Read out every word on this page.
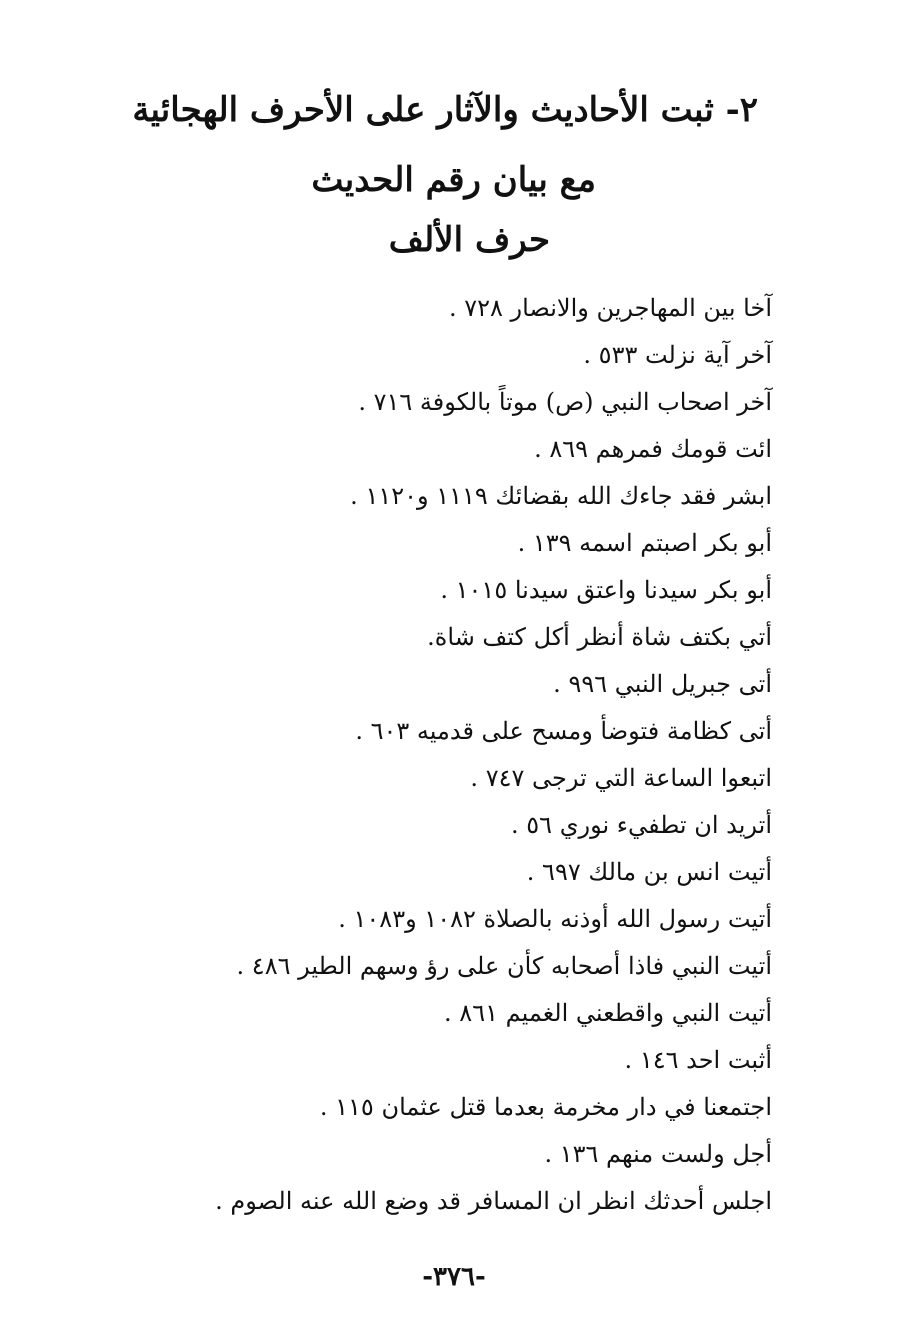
٢- ثبت الأحاديث والآثار على الأحرف الهجائية
مع بيان رقم الحديث
حرف الألف
آخا بين المهاجرين والانصار ٧٢٨ .
آخر آية نزلت ٥٣٣ .
آخر اصحاب النبي (ص) موتاً بالكوفة ٧١٦ .
ائت قومك فمرهم ٨٦٩ .
ابشر فقد جاءك الله بقضائك ١١١٩ و١١٢٠ .
أبو بكر اصبتم اسمه ١٣٩ .
أبو بكر سيدنا واعتق سيدنا ١٠١٥ .
أتي بكتف شاة أنظر أكل كتف شاة.
أتى جبريل النبي ٩٩٦ .
أتى كظامة فتوضأ ومسح على قدميه ٦٠٣ .
اتبعوا الساعة التي ترجى ٧٤٧ .
أتريد ان تطفيء نوري ٥٦ .
أتيت انس بن مالك ٦٩٧ .
أتيت رسول الله أوذنه بالصلاة ١٠٨٢ و١٠٨٣ .
أتيت النبي فاذا أصحابه كأن على رؤ وسهم الطير ٤٨٦ .
أتيت النبي واقطعني الغميم ٨٦١ .
أثبت احد ١٤٦ .
اجتمعنا في دار مخرمة بعدما قتل عثمان ١١٥ .
أجل ولست منهم ١٣٦ .
اجلس أحدثك انظر ان المسافر قد وضع الله عنه الصوم .
-٣٧٦-
